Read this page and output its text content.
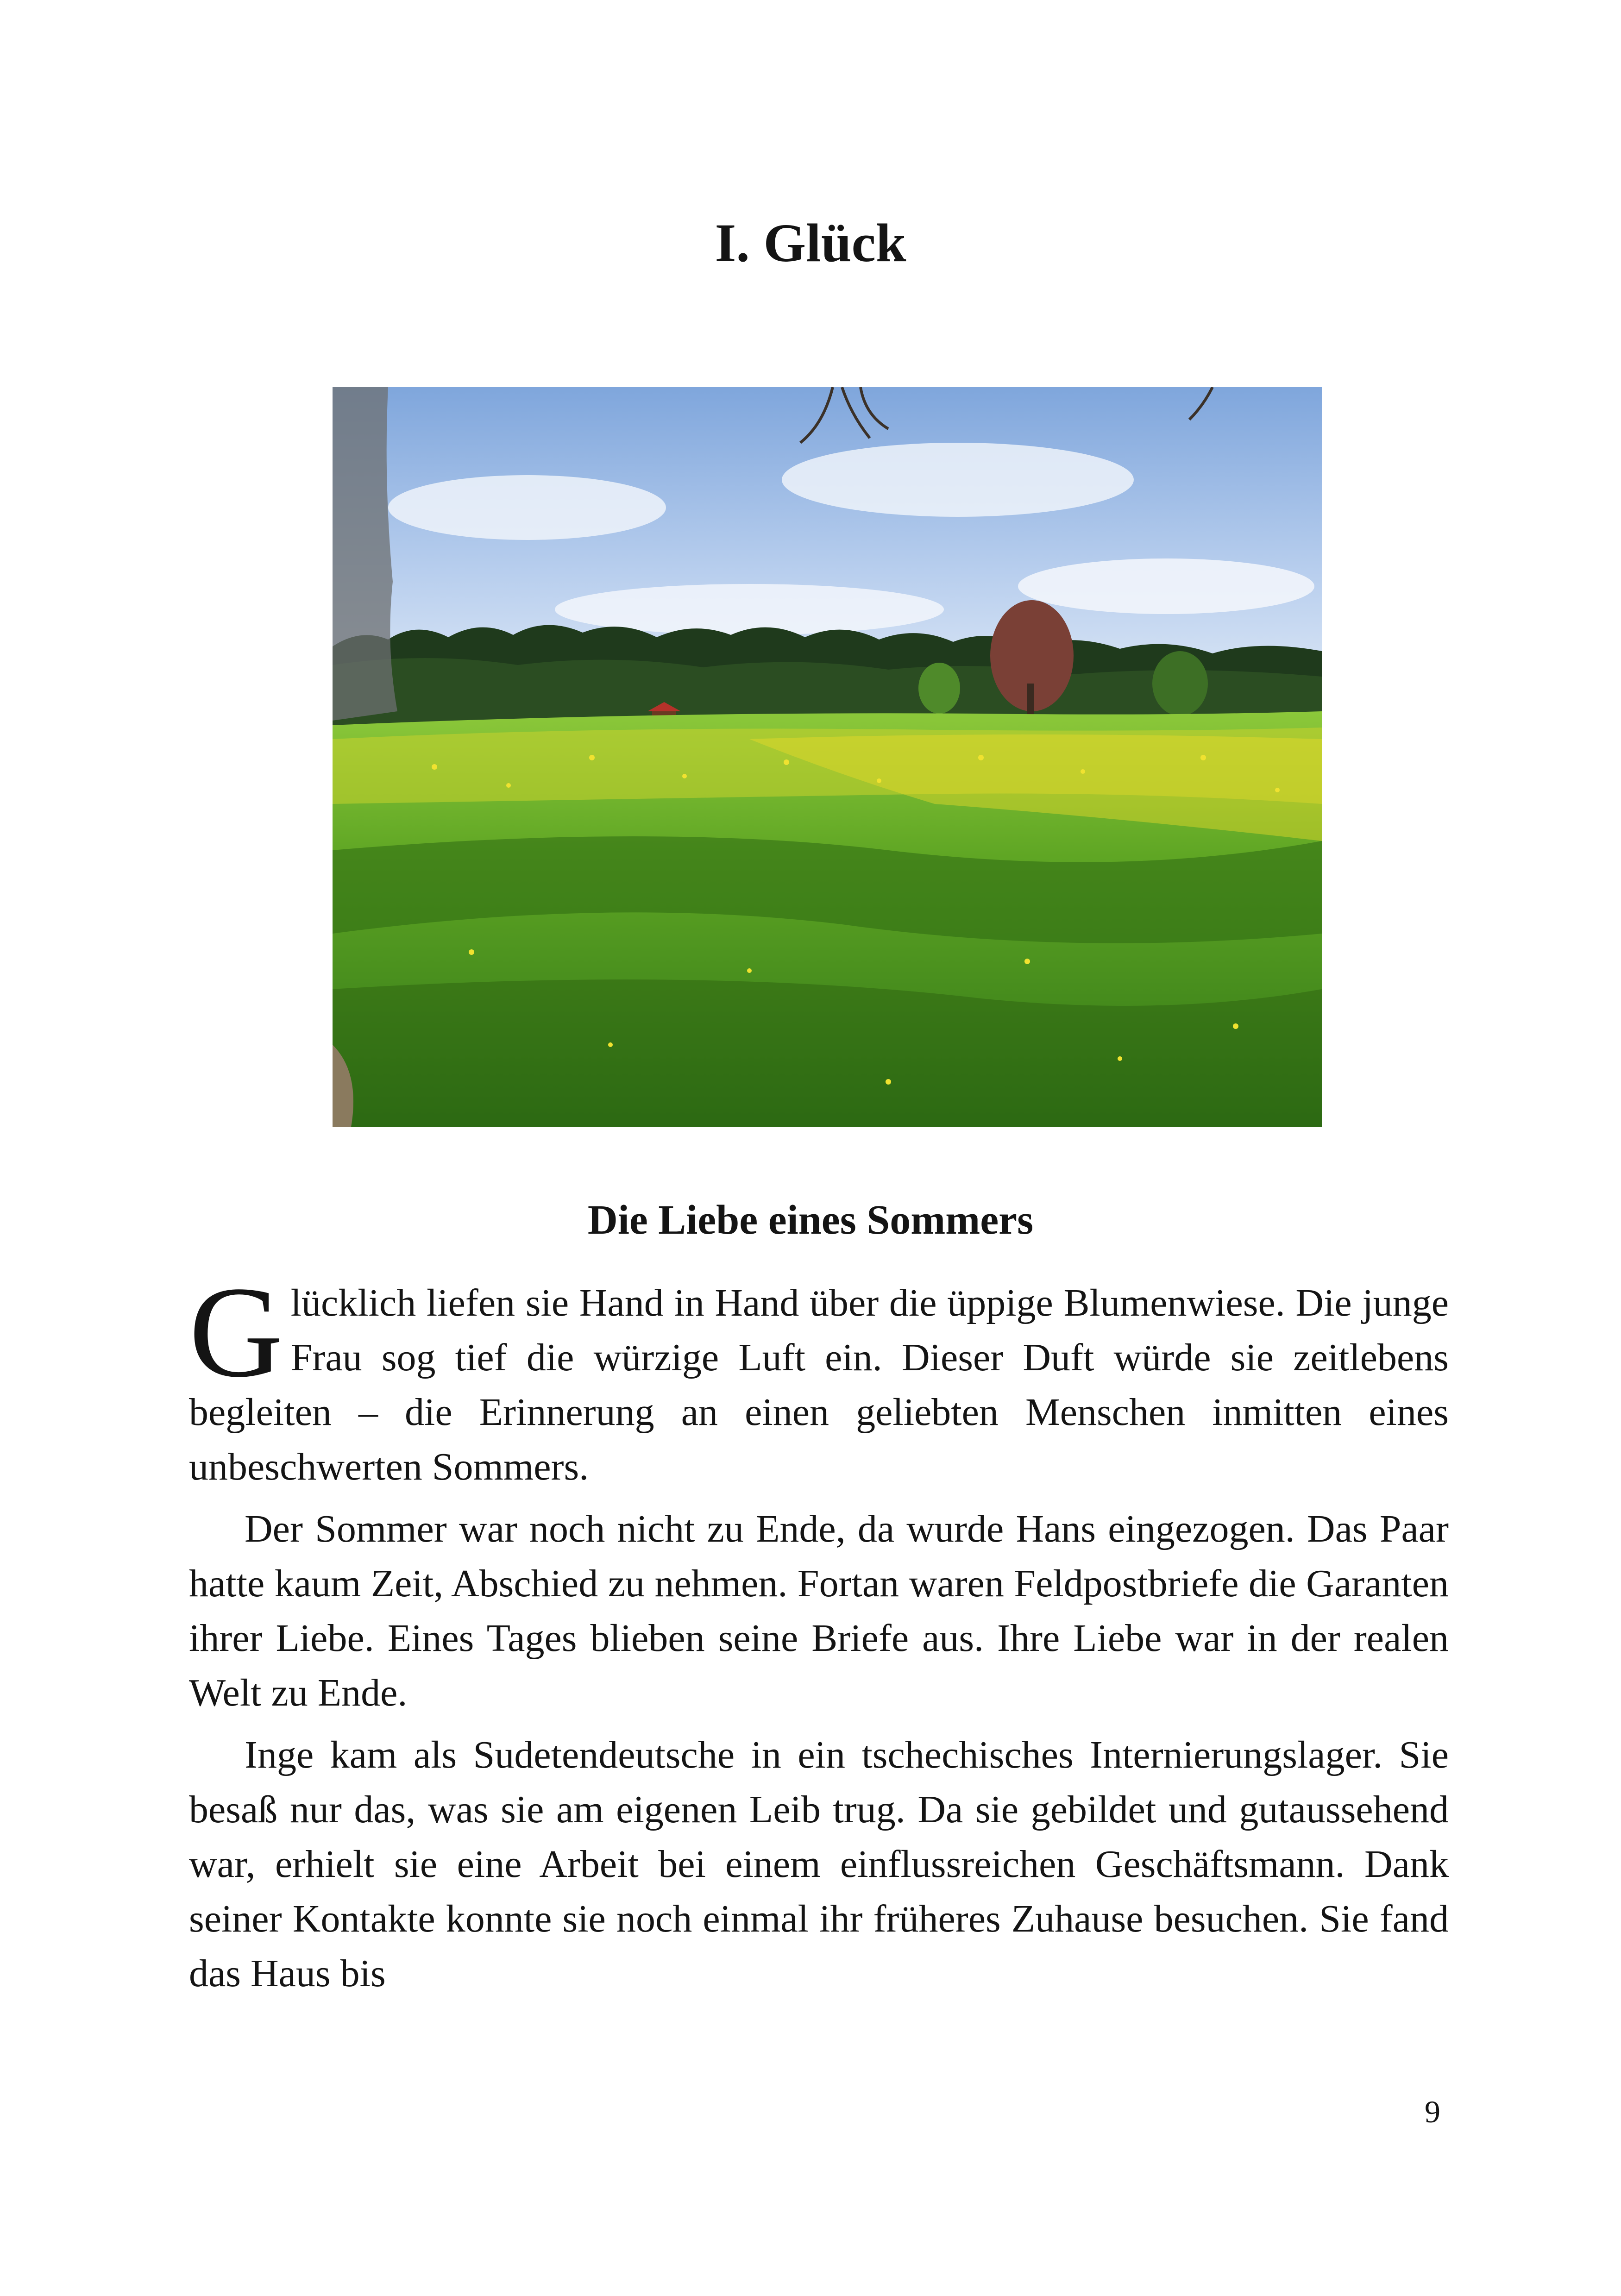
I. Glück
Die Liebe eines Sommers

Glücklich liefen sie Hand in Hand über die üppige Blumenwiese. Die junge Frau sog tief die würzige Luft ein. Dieser Duft würde sie zeitlebens begleiten – die Erinnerung an einen geliebten Menschen inmitten eines unbeschwerten Sommers.

Der Sommer war noch nicht zu Ende, da wurde Hans eingezogen. Das Paar hatte kaum Zeit, Abschied zu nehmen. Fortan waren Feldpostbriefe die Garanten ihrer Liebe. Eines Tages blieben seine Briefe aus. Ihre Liebe war in der realen Welt zu Ende.

Inge kam als Sudetendeutsche in ein tschechisches Internierungslager. Sie besaß nur das, was sie am eigenen Leib trug. Da sie gebildet und gutaussehend war, erhielt sie eine Arbeit bei einem einflussreichen Geschäftsmann. Dank seiner Kontakte konnte sie noch einmal ihr früheres Zuhause besuchen. Sie fand das Haus bis

9
